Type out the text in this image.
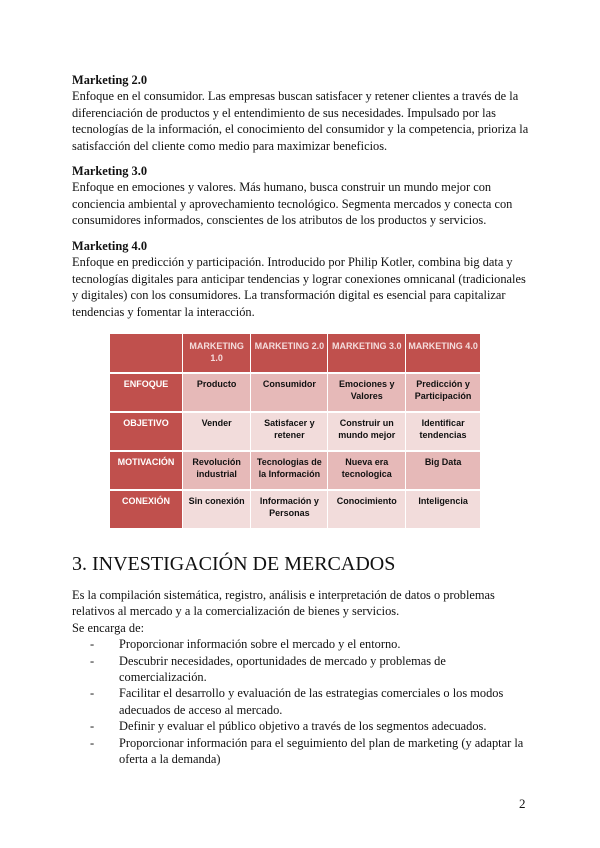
Marketing 2.0

Enfoque en el consumidor. Las empresas buscan satisfacer y retener clientes a través de la diferenciación de productos y el entendimiento de sus necesidades. Impulsado por las tecnologías de la información, el conocimiento del consumidor y la competencia, prioriza la satisfacción del cliente como medio para maximizar beneficios.

Marketing 3.0

Enfoque en emociones y valores. Más humano, busca construir un mundo mejor con conciencia ambiental y aprovechamiento tecnológico. Segmenta mercados y conecta con consumidores informados, conscientes de los atributos de los productos y servicios.

Marketing 4.0

Enfoque en predicción y participación. Introducido por Philip Kotler, combina big data y tecnologías digitales para anticipar tendencias y lograr conexiones omnicanal (tradicionales y digitales) con los consumidores. La transformación digital es esencial para capitalizar tendencias y fomentar la interacción.

	MARKETING 1.0	MARKETING 2.0	MARKETING 3.0	MARKETING 4.0
ENFOQUE	Producto	Consumidor	Emociones y Valores	Predicción y Participación
OBJETIVO	Vender	Satisfacer y retener	Construir un mundo mejor	Identificar tendencias
MOTIVACIÓN	Revolución industrial	Tecnologias de la Información	Nueva era tecnologica	Big Data
CONEXIÓN	Sin conexión	Información y Personas	Conocimiento	Inteligencia
3. INVESTIGACIÓN DE MERCADOS

Es la compilación sistemática, registro, análisis e interpretación de datos o problemas relativos al mercado y a la comercialización de bienes y servicios.

Se encarga de:

- Proporcionar información sobre el mercado y el entorno.
- Descubrir necesidades, oportunidades de mercado y problemas de comercialización.
- Facilitar el desarrollo y evaluación de las estrategias comerciales o los modos adecuados de acceso al mercado.
- Definir y evaluar el público objetivo a través de los segmentos adecuados.
- Proporcionar información para el seguimiento del plan de marketing (y adaptar la oferta a la demanda)
2
